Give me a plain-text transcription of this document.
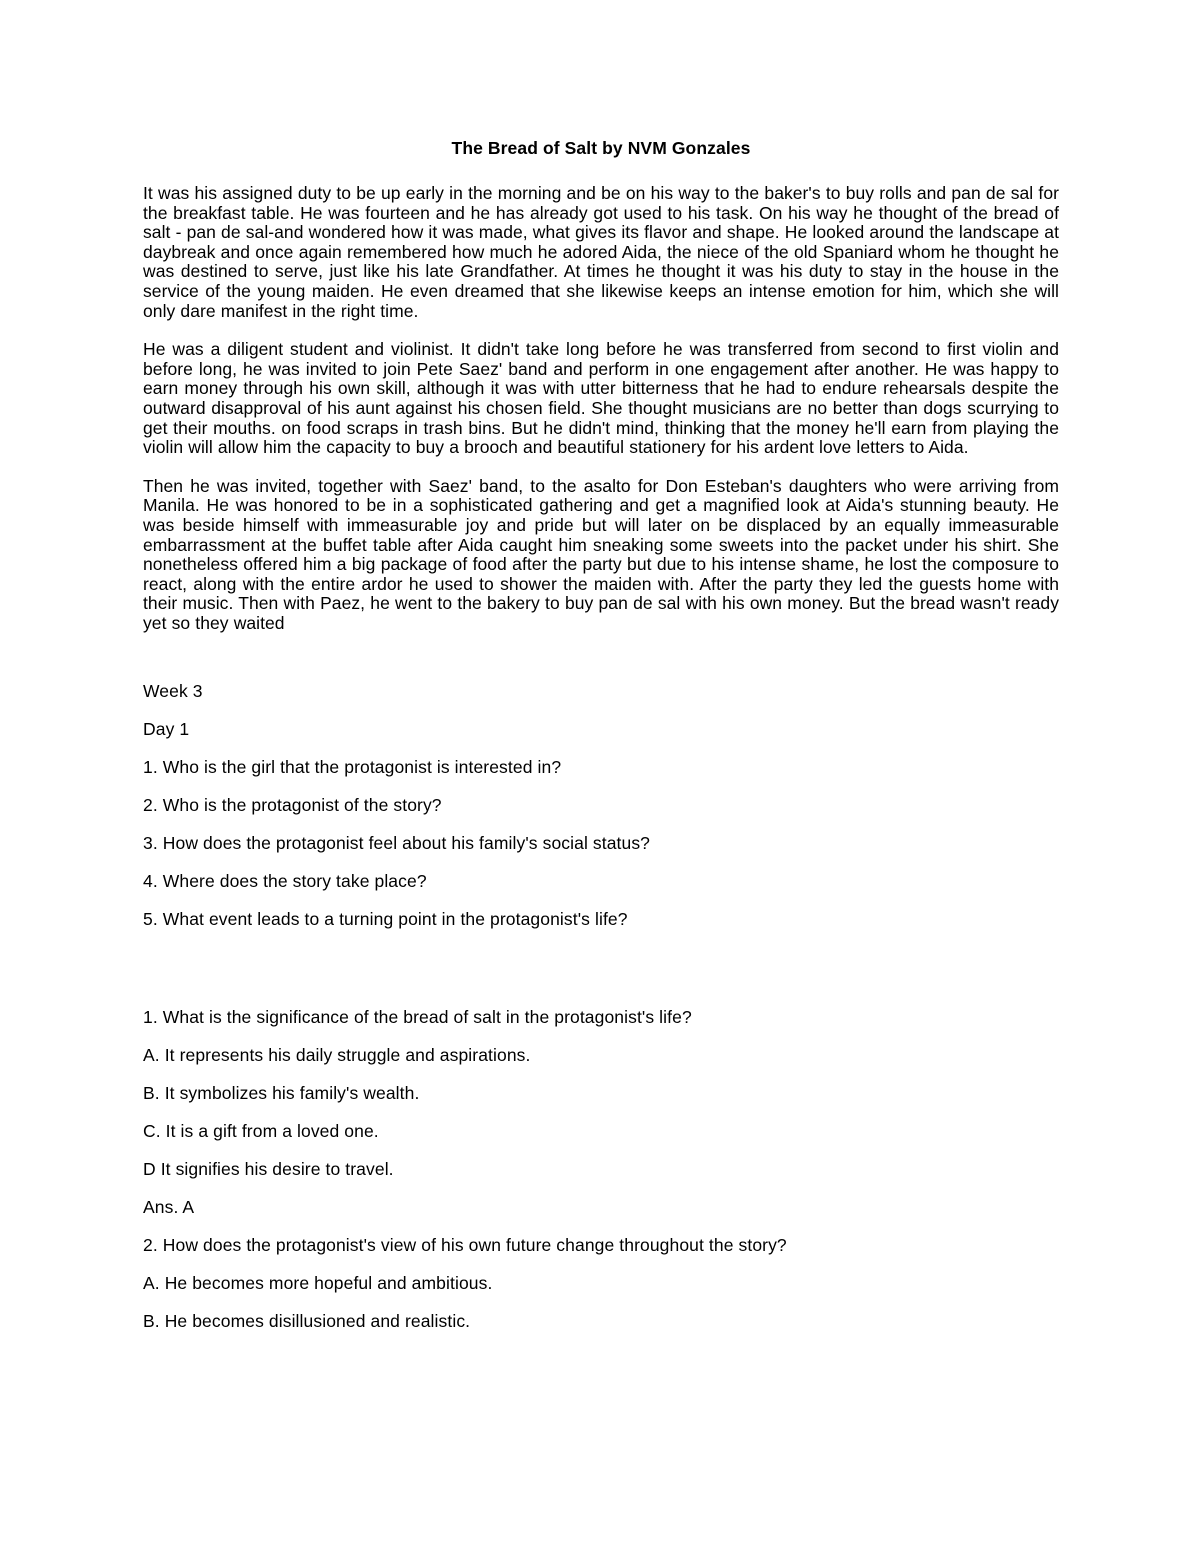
The Bread of Salt by NVM Gonzales

It was his assigned duty to be up early in the morning and be on his way to the baker's to buy rolls and pan de sal for the breakfast table. He was fourteen and he has already got used to his task. On his way he thought of the bread of salt - pan de sal-and wondered how it was made, what gives its flavor and shape. He looked around the landscape at daybreak and once again remembered how much he adored Aida, the niece of the old Spaniard whom he thought he was destined to serve, just like his late Grandfather. At times he thought it was his duty to stay in the house in the service of the young maiden. He even dreamed that she likewise keeps an intense emotion for him, which she will only dare manifest in the right time.

He was a diligent student and violinist. It didn't take long before he was transferred from second to first violin and before long, he was invited to join Pete Saez' band and perform in one engagement after another. He was happy to earn money through his own skill, although it was with utter bitterness that he had to endure rehearsals despite the outward disapproval of his aunt against his chosen field. She thought musicians are no better than dogs scurrying to get their mouths. on food scraps in trash bins. But he didn't mind, thinking that the money he'll earn from playing the violin will allow him the capacity to buy a brooch and beautiful stationery for his ardent love letters to Aida.

Then he was invited, together with Saez' band, to the asalto for Don Esteban's daughters who were arriving from Manila. He was honored to be in a sophisticated gathering and get a magnified look at Aida's stunning beauty. He was beside himself with immeasurable joy and pride but will later on be displaced by an equally immeasurable embarrassment at the buffet table after Aida caught him sneaking some sweets into the packet under his shirt. She nonetheless offered him a big package of food after the party but due to his intense shame, he lost the composure to react, along with the entire ardor he used to shower the maiden with. After the party they led the guests home with their music. Then with Paez, he went to the bakery to buy pan de sal with his own money. But the bread wasn't ready yet so they waited

Week 3

Day 1

1. Who is the girl that the protagonist is interested in?

2. Who is the protagonist of the story?

3. How does the protagonist feel about his family's social status?

4. Where does the story take place?

5. What event leads to a turning point in the protagonist's life?

1. What is the significance of the bread of salt in the protagonist's life?

A. It represents his daily struggle and aspirations.

B. It symbolizes his family's wealth.

C. It is a gift from a loved one.

D It signifies his desire to travel.

Ans. A

2. How does the protagonist's view of his own future change throughout the story?

A. He becomes more hopeful and ambitious.

B. He becomes disillusioned and realistic.
